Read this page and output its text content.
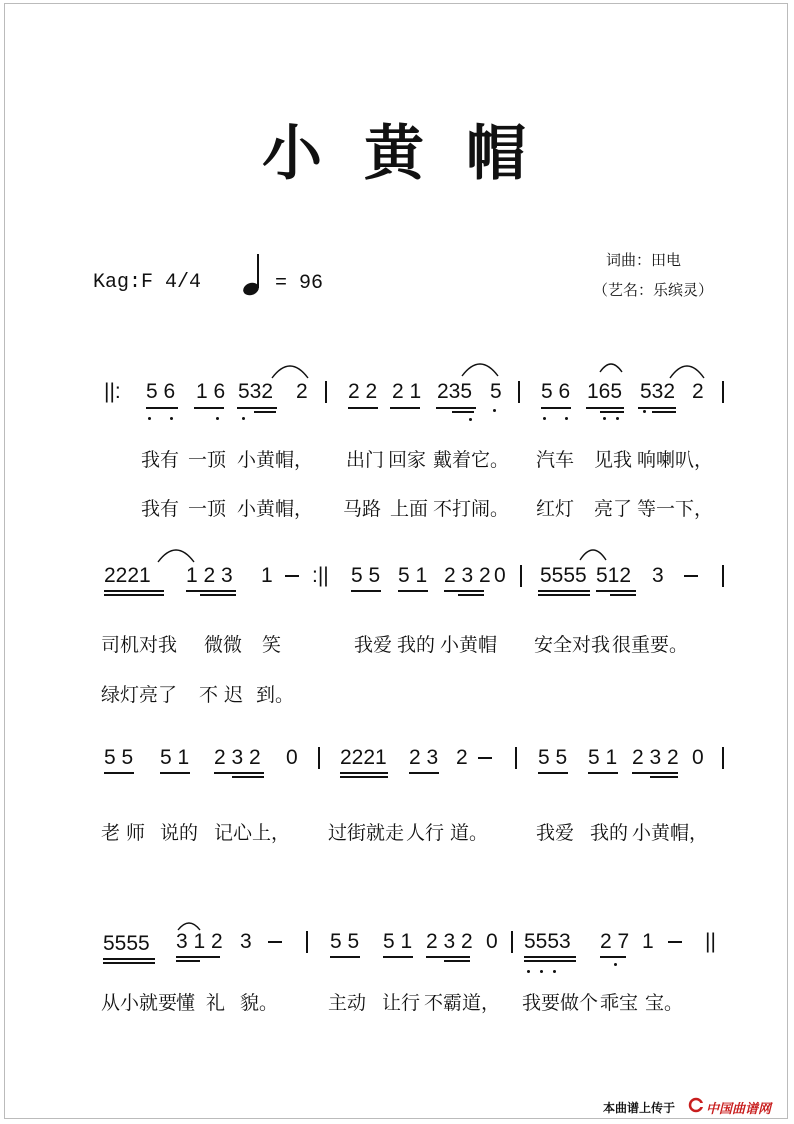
小黄帽
Kag:F 4/4	= 96
词曲：田电
（艺名：乐缤灵）
||: 5 6 1 6 532 2 2 2 2 1 235 5 5 6 165 532 2
我有 一顶 小黄帽， 出门 回家 戴着它。 汽车 见我 响喇叭，
我有 一顶 小黄帽， 马路 上面 不打闹。 红灯 亮了 等一下，
2221 1 2 3 1 :|| 5 5 5 1 2 3 2 0 5555 512 3
司机对我 微微 笑	我爱 我的 小黄帽 安全对我 很重要。
绿灯亮了 不 迟 到。
5 5 5 1 2 3 2 0 2221 2 3 2	5 5 5 1 2 3 2 0
老 师 说的 记心上， 过街就走 人行 道。	我爱 我的 小黄帽，
5555 3 1 2 3	5 5 5 1 2 3 2 0 5553 2 7 1 ||
从小就要
懂 礼 貌。	主动 让行 不霸道， 我要做个 乖宝 宝。
本曲谱上传于 中国曲谱网
